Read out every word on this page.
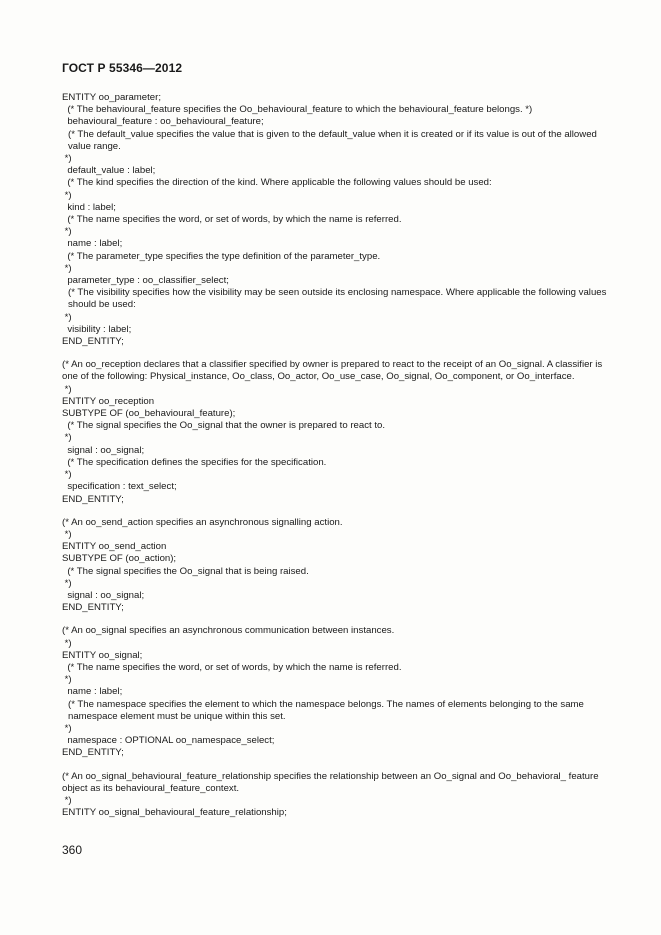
ГОСТ Р 55346—2012
ENTITY oo_parameter;
(* The behavioural_feature specifies the Oo_behavioural_feature to which the behavioural_feature belongs. *)
behavioural_feature : oo_behavioural_feature;
(* The default_value specifies the value that is given to the default_value when it is created or if its value is out of the allowed value range.
*)
default_value : label;
(* The kind specifies the direction of the kind. Where applicable the following values should be used:
*)
kind : label;
(* The name specifies the word, or set of words, by which the name is referred.
*)
name : label;
(* The parameter_type specifies the type definition of the parameter_type.
*)
parameter_type : oo_classifier_select;
(* The visibility specifies how the visibility may be seen outside its enclosing namespace. Where applicable the following values should be used:
*)
visibility : label;
END_ENTITY;
(* An oo_reception declares that a classifier specified by owner is prepared to react to the receipt of an Oo_signal. A classifier is one of the following: Physical_instance, Oo_class, Oo_actor, Oo_use_case, Oo_signal, Oo_component, or Oo_interface.
*)
ENTITY oo_reception
SUBTYPE OF (oo_behavioural_feature);
(* The signal specifies the Oo_signal that the owner is prepared to react to.
*)
signal : oo_signal;
(* The specification defines the specifies for the specification.
*)
specification : text_select;
END_ENTITY;
(* An oo_send_action specifies an asynchronous signalling action.
*)
ENTITY oo_send_action
SUBTYPE OF (oo_action);
(* The signal specifies the Oo_signal that is being raised.
*)
signal : oo_signal;
END_ENTITY;
(* An oo_signal specifies an asynchronous communication between instances.
*)
ENTITY oo_signal;
(* The name specifies the word, or set of words, by which the name is referred.
*)
name : label;
(* The namespace specifies the element to which the namespace belongs. The names of elements belonging to the same namespace element must be unique within this set.
*)
namespace : OPTIONAL oo_namespace_select;
END_ENTITY;
(* An oo_signal_behavioural_feature_relationship specifies the relationship between an Oo_signal and Oo_behavioral_ feature object as its behavioural_feature_context.
*)
ENTITY oo_signal_behavioural_feature_relationship;
360
